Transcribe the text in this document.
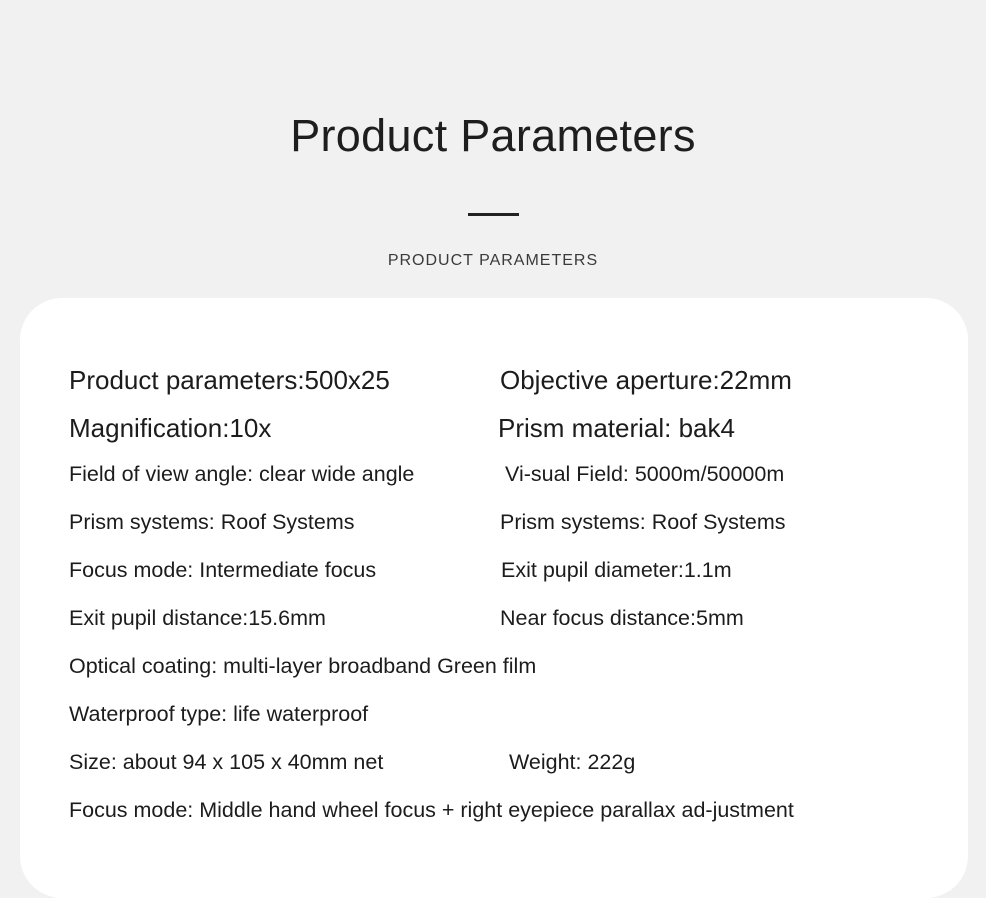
Product Parameters
PRODUCT PARAMETERS
Product parameters:500x25	Objective aperture:22mm
Magnification:10x	Prism material: bak4
Field of view angle: clear wide angle	Vi-sual Field: 5000m/50000m
Prism systems: Roof Systems	Prism systems: Roof Systems
Focus mode: Intermediate focus	Exit pupil diameter:1.1m
Exit pupil distance:15.6mm	Near focus distance:5mm
Optical coating: multi-layer broadband Green film
Waterproof type: life waterproof
Size: about 94 x 105 x 40mm net	Weight: 222g
Focus mode: Middle hand wheel focus + right eyepiece parallax ad-justment
